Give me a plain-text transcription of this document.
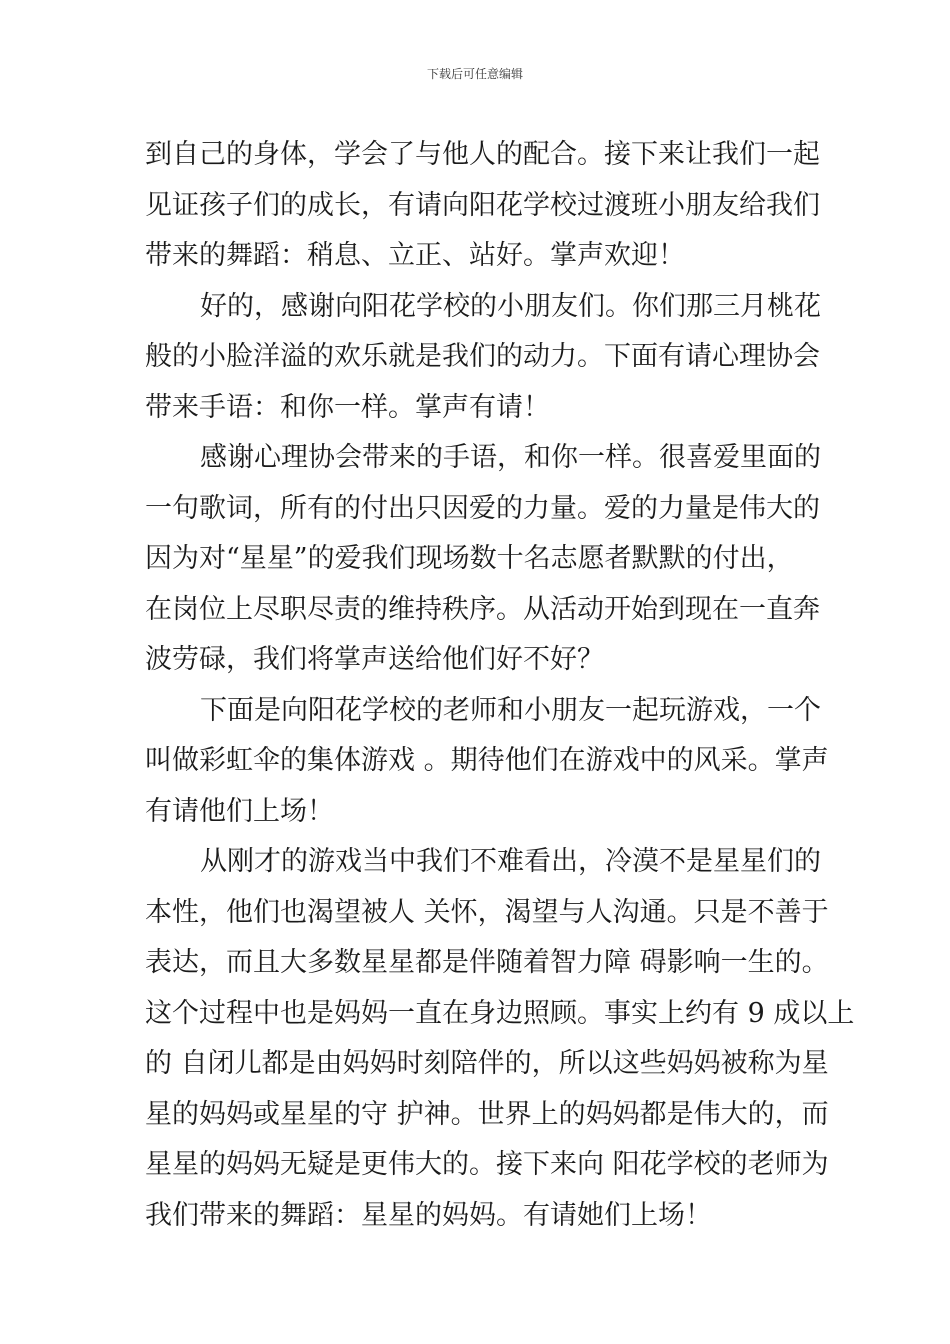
下载后可任意编辑
到自己的身体，学会了与他人的配合。接下来让我们一起
见证孩子们的成长，有请向阳花学校过渡班小朋友给我们
带来的舞蹈：稍息、立正、站好。掌声欢迎！
好的，感谢向阳花学校的小朋友们。你们那三月桃花
般的小脸洋溢的欢乐就是我们的动力。下面有请心理协会
带来手语：和你一样。掌声有请！
感谢心理协会带来的手语，和你一样。很喜爱里面的
一句歌词，所有的付出只因爱的力量。爱的力量是伟大的
因为对“星星”的爱我们现场数十名志愿者默默的付出，
在岗位上尽职尽责的维持秩序。从活动开始到现在一直奔
波劳碌，我们将掌声送给他们好不好？
下面是向阳花学校的老师和小朋友一起玩游戏，一个
叫做彩虹伞的集体游戏 。期待他们在游戏中的风采。掌声
有请他们上场！
从刚才的游戏当中我们不难看出，冷漠不是星星们的
本性，他们也渴望被人 关怀，渴望与人沟通。只是不善于
表达，而且大多数星星都是伴随着智力障 碍影响一生的。
这个过程中也是妈妈一直在身边照顾。事实上约有 9 成以上
的 自闭儿都是由妈妈时刻陪伴的，所以这些妈妈被称为星
星的妈妈或星星的守 护神。世界上的妈妈都是伟大的，而
星星的妈妈无疑是更伟大的。接下来向 阳花学校的老师为
我们带来的舞蹈：星星的妈妈。有请她们上场！
